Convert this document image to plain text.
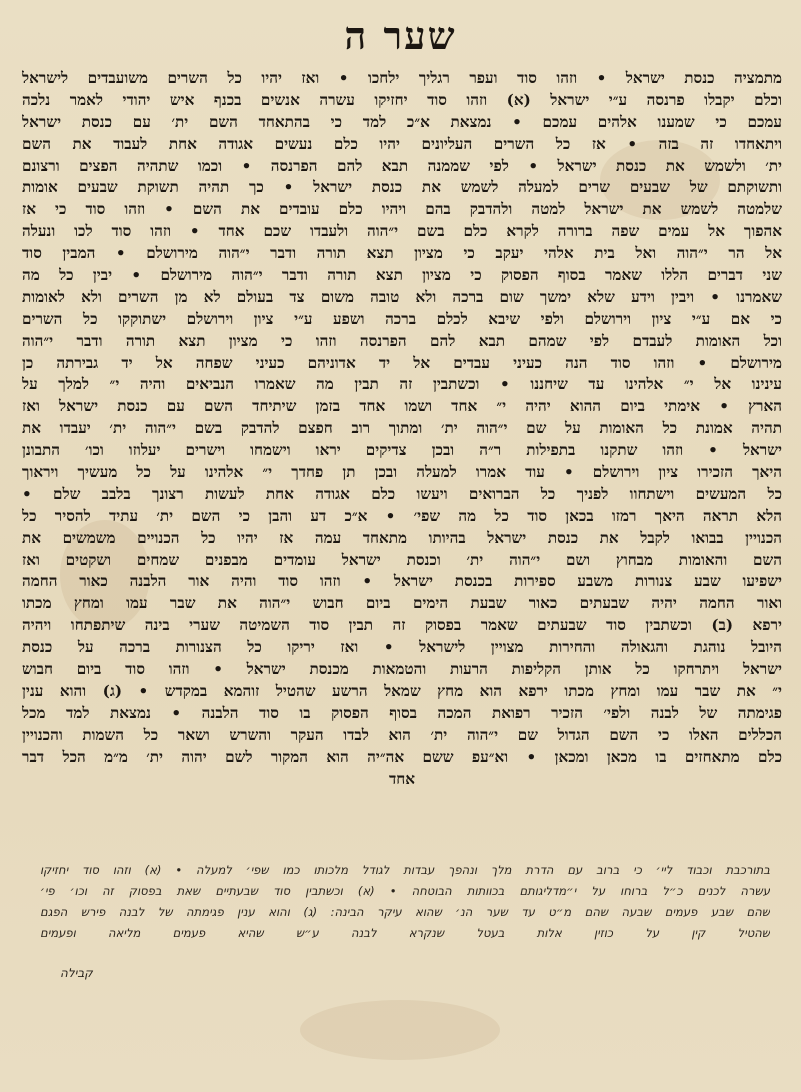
שער ה
מתמציה כנסת ישראל • וזהו סוד ועפר רגליך ילחכו • ואז יהיו כל השרים משועבדים לישראל
וכלם יקבלו פרנסה ע״י ישראל (א) וזהו סוד יחזיקו עשרה אנשים בכנף איש יהודי לאמר נלכה
עמכם כי שמענו אלהים עמכם • נמצאת א״כ למד כי בהתאחד השם ית׳ עם כנסת ישראל
ויתאחדו זה בזה • אז כל השרים העליונים יהיו כלם נעשים אגודה אחת לעבוד את השם
ית׳ ולשמש את כנסת ישראל • לפי שממנה תבא להם הפרנסה • וכמו שתהיה הפצים ורצונם
ותשוקתם של שבעים שרים למעלה לשמש את כנסת ישראל • כך תהיה תשוקת שבעים אומות
שלמטה לשמש את ישראל למטה ולהדבק בהם ויהיו כלם עובדים את השם • וזהו סוד כי אז
אהפוך אל עמים שפה ברורה לקרא כלם בשם י״הוה ולעבדו שכם אחד • וזהו סוד לכו ונעלה
אל הר י״הוה ואל בית אלהי יעקב כי מציון תצא תורה ודבר י״הוה מירושלם • המבין סוד
שני דברים הללו שאמר בסוף הפסוק כי מציון תצא תורה ודבר י״הוה מירושלם • יבין כל מה
שאמרנו • ויבין וידע שלא ימשך שום ברכה ולא טובה משום צד בעולם לא מן השרים ולא לאומות
כי אם ע״י ציון וירושלם ולפי שיבא לכלם ברכה ושפע ע״י ציון וירושלם ישתוקקו כל השרים
וכל האומות לעבדם לפי שמהם תבא להם הפרנסה וזהו כי מציון תצא תורה ודבר י״הוה
מירושלם • וזהו סוד הנה כעיני עבדים אל יד אדוניהם כעיני שפחה אל יד גבירתה כן
עינינו אל י״ אלהינו עד שיחננו • וכשתבין זה תבין מה שאמרו הנביאים והיה י״ למלך על
הארץ • אימתי ביום ההוא יהיה י״ אחד ושמו אחד בזמן שיתיחד השם עם כנסת ישראל ואז
תהיה אמונת כל האומות על שם י״הוה ית׳ ומתוך רוב חפצם להדבק בשם י״הוה ית׳ יעבדו את
ישראל • וזהו שתקנו בתפילות ר״ה ובכן צדיקים יראו וישמחו וישרים יעלוזו וכו׳ התבונן
היאך הזכירו ציון וירושלם • עוד אמרו למעלה ובכן תן פחדך י״ אלהינו על כל מעשיך ויראוך
כל המעשים וישתחוו לפניך כל הברואים ויעשו כלם אגודה אחת לעשות רצונך בלבב שלם •
הלא תראה היאך רמזו בכאן סוד כל מה שפי׳ • א״כ דע והבן כי השם ית׳ עתיד להסיר כל
הכנויין בבואו לקבל את כנסת ישראל בהיותו מתאחד עמה אז יהיו כל הכנויים משמשים את
השם והאומות מבחוץ ושם י״הוה ית׳ וכנסת ישראל עומדים מבפנים שמחים ושקטים ואז
ישפיעו שבע צנורות משבע ספירות בכנסת ישראל • וזהו סוד והיה אור הלבנה כאור החמה
ואור החמה יהיה שבעתים כאור שבעת הימים ביום חבוש י״הוה את שבר עמו ומחץ מכתו
ירפא (ב) וכשתבין סוד שבעתים שאמר בפסוק זה תבין סוד השמיטה שערי בינה שיתפתחו ויהיה
היובל נוהגת והגאולה והחירות מצויין לישראל • ואז יריקו כל הצנורות ברכה על כנסת
ישראל ויתרחקו כל אותן הקליפות הרעות והטמאות מכנסת ישראל • וזהו סוד ביום חבוש
י״ את שבר עמו ומחץ מכתו ירפא הוא מחץ שמאל הרשע שהטיל זוהמא במקדש • (ג) והוא ענין
פגימתה של לבנה ולפי׳ הזכיר רפואת המכה בסוף הפסוק בו סוד הלבנה • נמצאת למד מכל
הכללים האלו כי השם הגדול שם י״הוה ית׳ הוא לבדו העקר והשרש ושאר כל השמות והכנויין
כלם מתאחזים בו מכאן ומכאן • וא״עפ ששם אה״יה הוא המקור לשם יהוה ית׳ מ״מ הכל דבר
אחד
בתורכבת וכבוד ליי׳ כי ברוב עם הדרת מלך ונהפך עבדות לגודל מלכותו כמו שפי׳ למעלה • (א) וזהו סוד יחזיקו
עשרה לכנים כ״ל ברוחו על י״מדליגותם בכוותות הבוטחה • (א) וכשתבין סוד שבעתיים שאת בפסוק זה וכו׳ פי׳
שהם שבע פעמים שבעה שהם מ״ט עד שער הנ׳ שהוא עיקר הבינה: (ג) והוא ענין פגימתה של לבנה פירש הפגם
שהטיל קין על כוזין אלות בעטל שנקרא לבנה ע״ש שהיא פעמים מליאה ופעמים
קבילה
